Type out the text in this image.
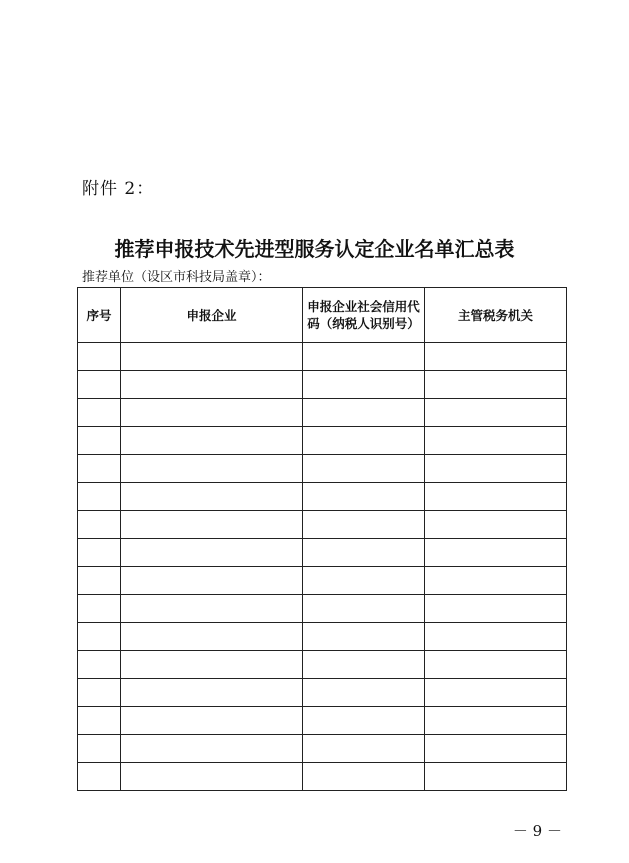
附件 2：
推荐申报技术先进型服务认定企业名单汇总表
推荐单位（设区市科技局盖章）：
序号	申报企业	申报企业社会信用代码（纳税人识别号）	主管税务机关

－ 9 －
